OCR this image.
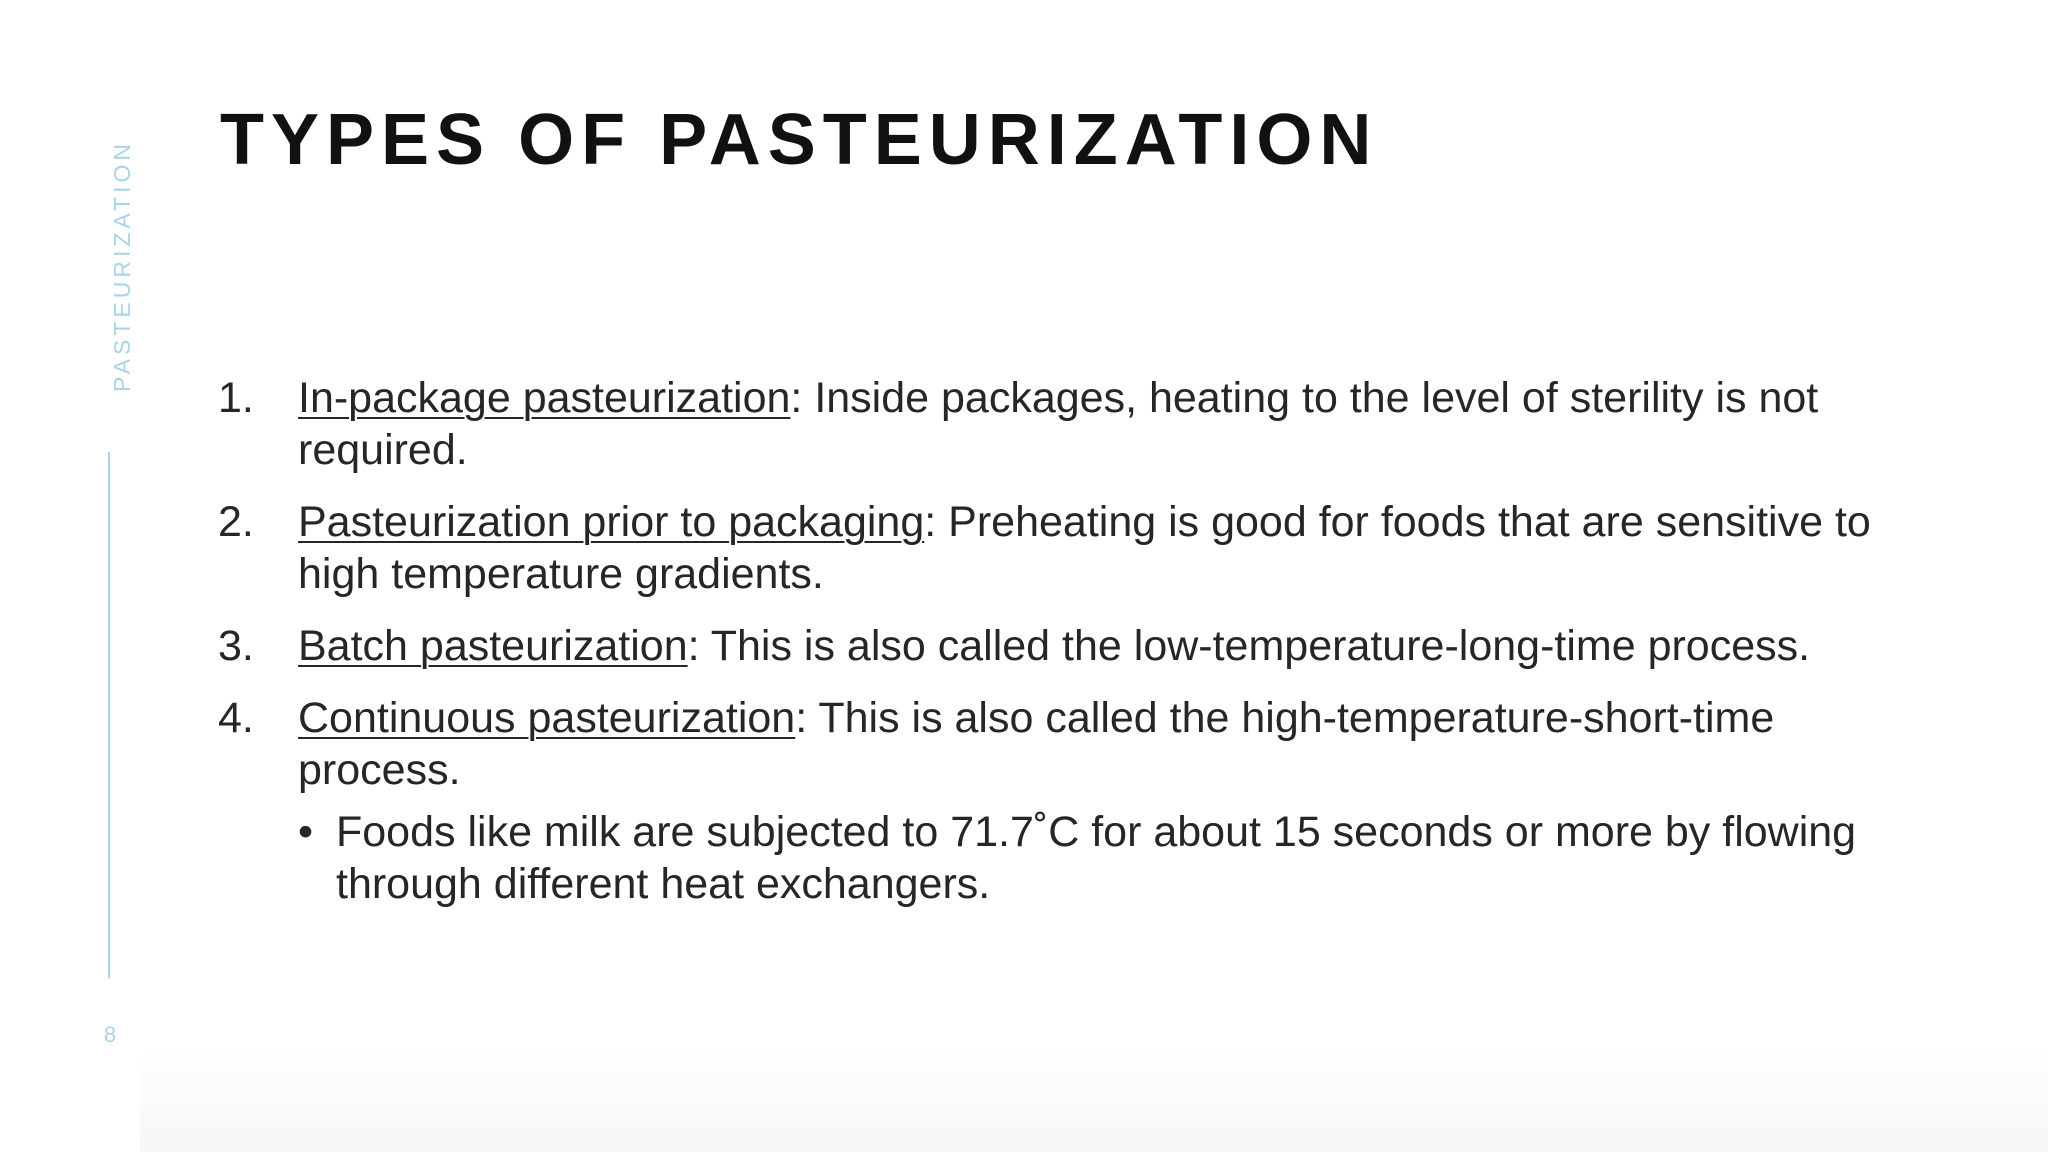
PASTEURIZATION
8
TYPES OF PASTEURIZATION
1. In-package pasteurization: Inside packages, heating to the level of sterility is not required.
2. Pasteurization prior to packaging: Preheating is good for foods that are sensitive to high temperature gradients.
3. Batch pasteurization: This is also called the low-temperature-long-time process.
4. Continuous pasteurization: This is also called the high-temperature-short-time process.
• Foods like milk are subjected to 71.7˚C for about 15 seconds or more by flowing through different heat exchangers.
